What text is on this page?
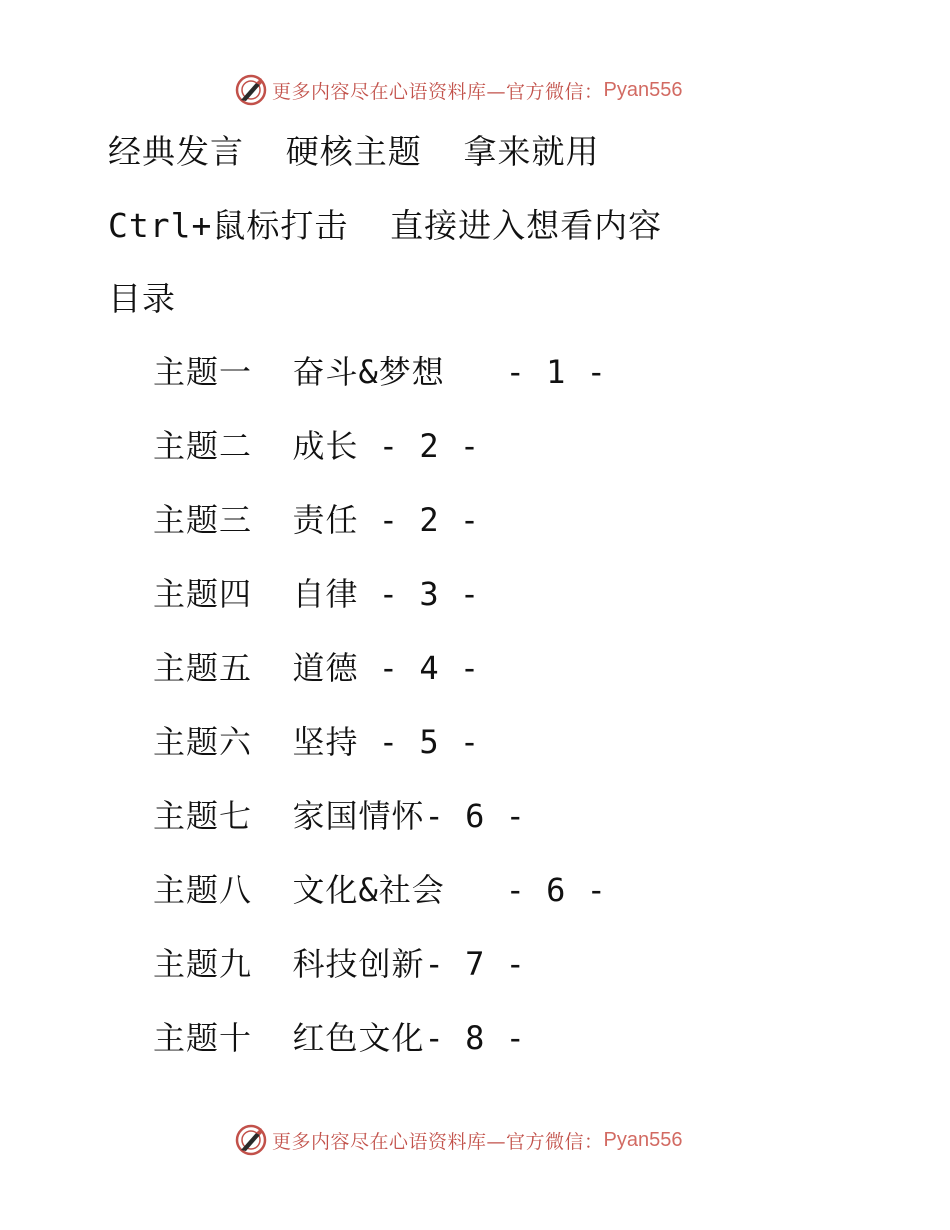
更多内容尽在心语资料库—官方微信： Pyan556
经典发言  硬核主题  拿来就用
Ctrl+鼠标打击  直接进入想看内容
目录
主题一  奋斗&梦想   - 1 -
主题二  成长 - 2 -
主题三  责任 - 2 -
主题四  自律 - 3 -
主题五  道德 - 4 -
主题六  坚持 - 5 -
主题七  家国情怀- 6 -
主题八  文化&社会   - 6 -
主题九  科技创新- 7 -
主题十  红色文化- 8 -
更多内容尽在心语资料库—官方微信： Pyan556
